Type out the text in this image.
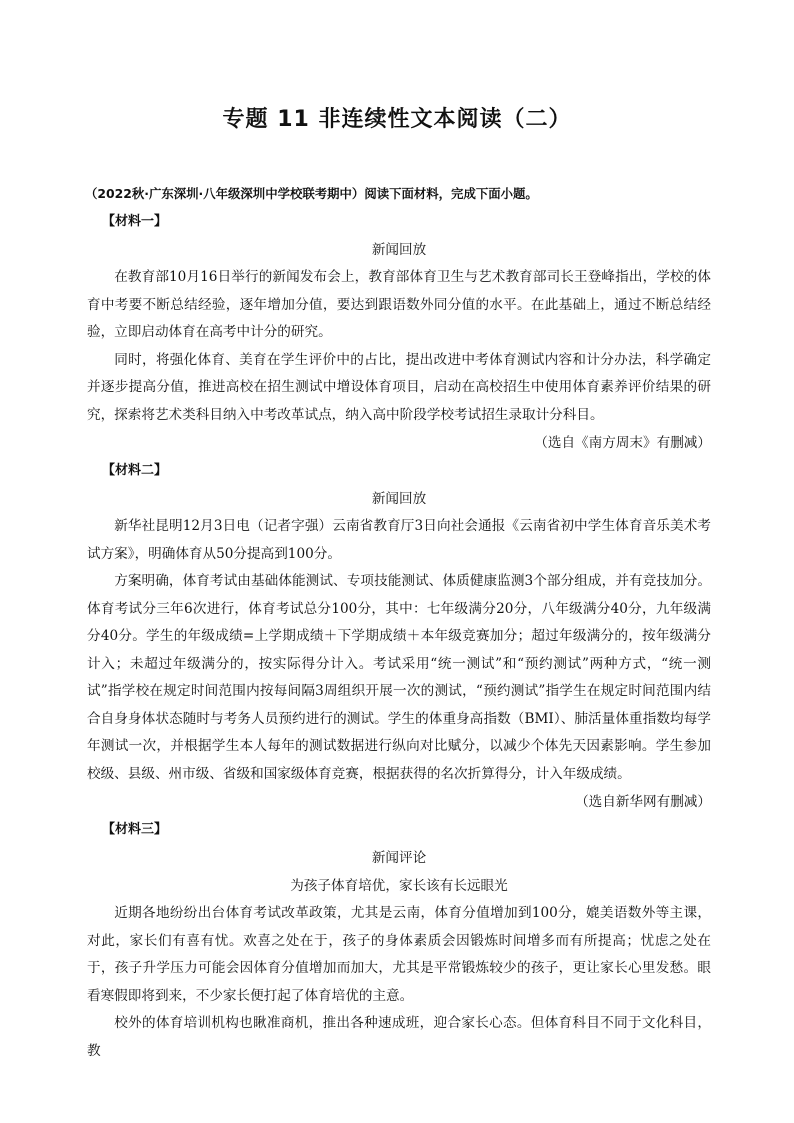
专题 11 非连续性文本阅读（二）
（2022秋·广东深圳·八年级深圳中学校联考期中）阅读下面材料，完成下面小题。
【材料一】
新闻回放

在教育部10月16日举行的新闻发布会上，教育部体育卫生与艺术教育部司长王登峰指出，学校的体育中考要不断总结经验，逐年增加分值，要达到跟语数外同分值的水平。在此基础上，通过不断总结经验，立即启动体育在高考中计分的研究。

同时，将强化体育、美育在学生评价中的占比，提出改进中考体育测试内容和计分办法，科学确定并逐步提高分值，推进高校在招生测试中增设体育项目，启动在高校招生中使用体育素养评价结果的研究，探索将艺术类科目纳入中考改革试点，纳入高中阶段学校考试招生录取计分科目。

（选自《南方周末》有删减）
【材料二】
新闻回放

新华社昆明12月3日电（记者字强）云南省教育厅3日向社会通报《云南省初中学生体育音乐美术考试方案》，明确体育从50分提高到100分。

方案明确，体育考试由基础体能测试、专项技能测试、体质健康监测3个部分组成，并有竞技加分。体育考试分三年6次进行，体育考试总分100分，其中：七年级满分20分，八年级满分40分，九年级满分40分。学生的年级成绩=上学期成绩＋下学期成绩＋本年级竞赛加分；超过年级满分的，按年级满分计入；未超过年级满分的，按实际得分计入。考试采用“统一测试”和“预约测试”两种方式，“统一测试”指学校在规定时间范围内按每间隔3周组织开展一次的测试，“预约测试”指学生在规定时间范围内结合自身身体状态随时与考务人员预约进行的测试。学生的体重身高指数（BMI）、肺活量体重指数均每学年测试一次，并根据学生本人每年的测试数据进行纵向对比赋分，以减少个体先天因素影响。学生参加校级、县级、州市级、省级和国家级体育竞赛，根据获得的名次折算得分，计入年级成绩。

（选自新华网有删减）
【材料三】
新闻评论
为孩子体育培优，家长该有长远眼光

近期各地纷纷出台体育考试改革政策，尤其是云南，体育分值增加到100分，媲美语数外等主课，对此，家长们有喜有忧。欢喜之处在于，孩子的身体素质会因锻炼时间增多而有所提高；忧虑之处在于，孩子升学压力可能会因体育分值增加而加大，尤其是平常锻炼较少的孩子，更让家长心里发愁。眼看寒假即将到来，不少家长便打起了体育培优的主意。

校外的体育培训机构也瞅准商机，推出各种速成班，迎合家长心态。但体育科目不同于文化科目，教
